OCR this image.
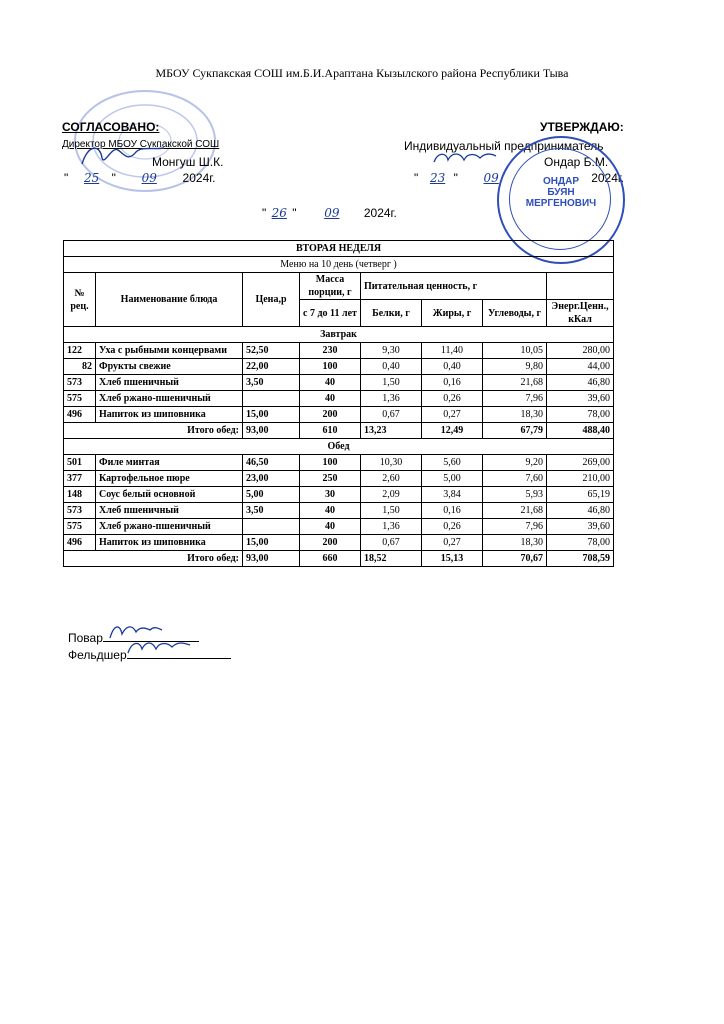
МБОУ Сукпакская СОШ им.Б.И.Араптана Кызылского района Республики Тыва
СОГЛАСОВАНО:
Директор МБОУ Сукпакской СОШ
Монгуш Ш.К.
" 25 " 09 2024г.
УТВЕРЖДАЮ:
Индивидуальный предприниматель
Ондар Б.М.
" 23 " 09	2024г.
ОНДАР
БУЯН
МЕРГЕНОВИЧ
" 26 " 09 2024г.
ВТОРАЯ НЕДЕЛЯ							
Меню на 10 день (четверг )							
№ рец.	Наименование блюда	Цена,р	Масса порции, г	Питательная ценность, г			
			с 7 до 11 лет	Белки, г	Жиры, г	Углеводы, г	Энерг.Ценн., кКал
Завтрак							
122	Уха с рыбными концервами	52,50	230	9,30	11,40	10,05	280,00
82	Фрукты свежие	22,00	100	0,40	0,40	9,80	44,00
573	Хлеб пшеничный	3,50	40	1,50	0,16	21,68	46,80
575	Хлеб ржано-пшеничный		40	1,36	0,26	7,96	39,60
496	Напиток из шиповника	15,00	200	0,67	0,27	18,30	78,00
Итого обед:		93,00	610	13,23	12,49	67,79	488,40
Обед							
501	Филе минтая	46,50	100	10,30	5,60	9,20	269,00
377	Картофельное пюре	23,00	250	2,60	5,00	7,60	210,00
148	Соус белый основной	5,00	30	2,09	3,84	5,93	65,19
573	Хлеб пшеничный	3,50	40	1,50	0,16	21,68	46,80
575	Хлеб ржано-пшеничный		40	1,36	0,26	7,96	39,60
496	Напиток из шиповника	15,00	200	0,67	0,27	18,30	78,00
Итого обед:		93,00	660	18,52	15,13	70,67	708,59
Повар
Фельдшер
